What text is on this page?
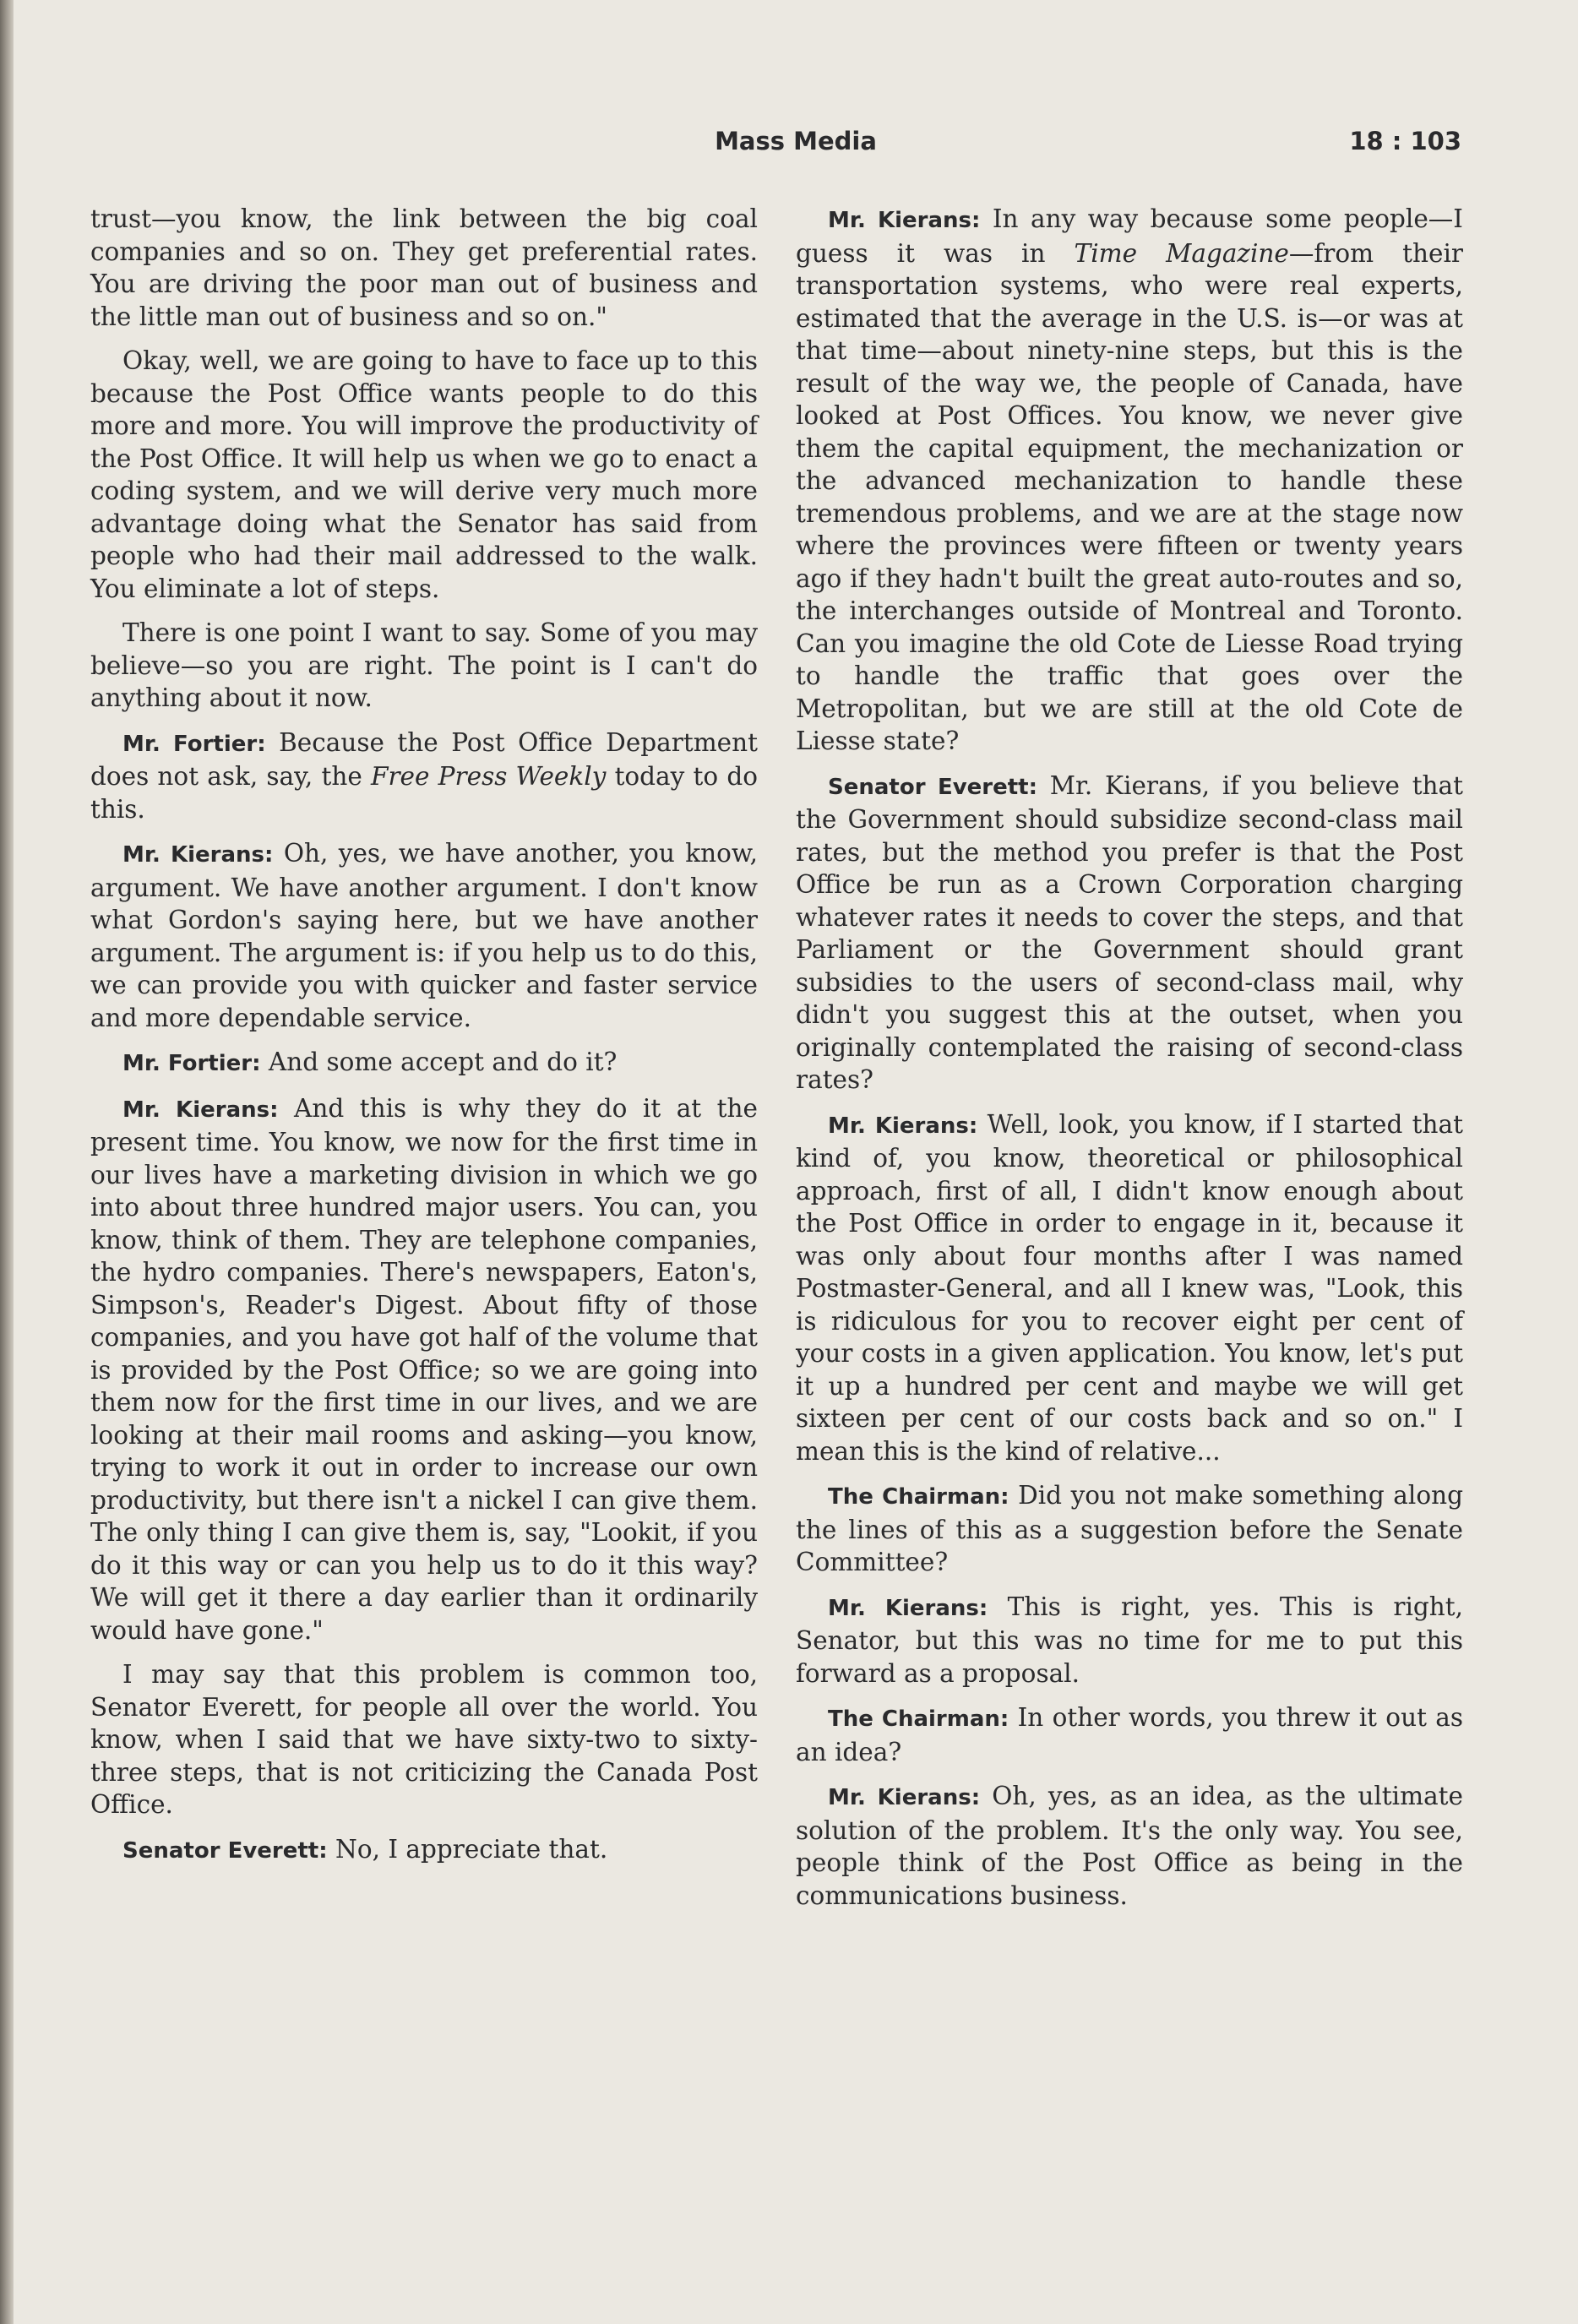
Mass Media	18 : 103

trust—you know, the link between the big coal companies and so on. They get preferential rates. You are driving the poor man out of business and the little man out of business and so on."

Okay, well, we are going to have to face up to this because the Post Office wants people to do this more and more. You will improve the productivity of the Post Office. It will help us when we go to enact a coding system, and we will derive very much more advantage doing what the Senator has said from people who had their mail addressed to the walk. You eliminate a lot of steps.

There is one point I want to say. Some of you may believe—so you are right. The point is I can't do anything about it now.

Mr. Fortier: Because the Post Office Department does not ask, say, the Free Press Weekly today to do this.

Mr. Kierans: Oh, yes, we have another, you know, argument. We have another argument. I don't know what Gordon's saying here, but we have another argument. The argument is: if you help us to do this, we can provide you with quicker and faster service and more dependable service.

Mr. Fortier: And some accept and do it?

Mr. Kierans: And this is why they do it at the present time. You know, we now for the first time in our lives have a marketing division in which we go into about three hundred major users. You can, you know, think of them. They are telephone companies, the hydro companies. There's newspapers, Eaton's, Simpson's, Reader's Digest. About fifty of those companies, and you have got half of the volume that is provided by the Post Office; so we are going into them now for the first time in our lives, and we are looking at their mail rooms and asking—you know, trying to work it out in order to increase our own productivity, but there isn't a nickel I can give them. The only thing I can give them is, say, "Lookit, if you do it this way or can you help us to do it this way? We will get it there a day earlier than it ordinarily would have gone."

I may say that this problem is common too, Senator Everett, for people all over the world. You know, when I said that we have sixty-two to sixty-three steps, that is not criticizing the Canada Post Office.

Senator Everett: No, I appreciate that.

Mr. Kierans: In any way because some people—I guess it was in Time Magazine—from their transportation systems, who were real experts, estimated that the average in the U.S. is—or was at that time—about ninety-nine steps, but this is the result of the way we, the people of Canada, have looked at Post Offices. You know, we never give them the capital equipment, the mechanization or the advanced mechanization to handle these tremendous problems, and we are at the stage now where the provinces were fifteen or twenty years ago if they hadn't built the great auto-routes and so, the interchanges outside of Montreal and Toronto. Can you imagine the old Cote de Liesse Road trying to handle the traffic that goes over the Metropolitan, but we are still at the old Cote de Liesse state?

Senator Everett: Mr. Kierans, if you believe that the Government should subsidize second-class mail rates, but the method you prefer is that the Post Office be run as a Crown Corporation charging whatever rates it needs to cover the steps, and that Parliament or the Government should grant subsidies to the users of second-class mail, why didn't you suggest this at the outset, when you originally contemplated the raising of second-class rates?

Mr. Kierans: Well, look, you know, if I started that kind of, you know, theoretical or philosophical approach, first of all, I didn't know enough about the Post Office in order to engage in it, because it was only about four months after I was named Postmaster-General, and all I knew was, "Look, this is ridiculous for you to recover eight per cent of your costs in a given application. You know, let's put it up a hundred per cent and maybe we will get sixteen per cent of our costs back and so on." I mean this is the kind of relative...

The Chairman: Did you not make something along the lines of this as a suggestion before the Senate Committee?

Mr. Kierans: This is right, yes. This is right, Senator, but this was no time for me to put this forward as a proposal.

The Chairman: In other words, you threw it out as an idea?

Mr. Kierans: Oh, yes, as an idea, as the ultimate solution of the problem. It's the only way. You see, people think of the Post Office as being in the communications business.
